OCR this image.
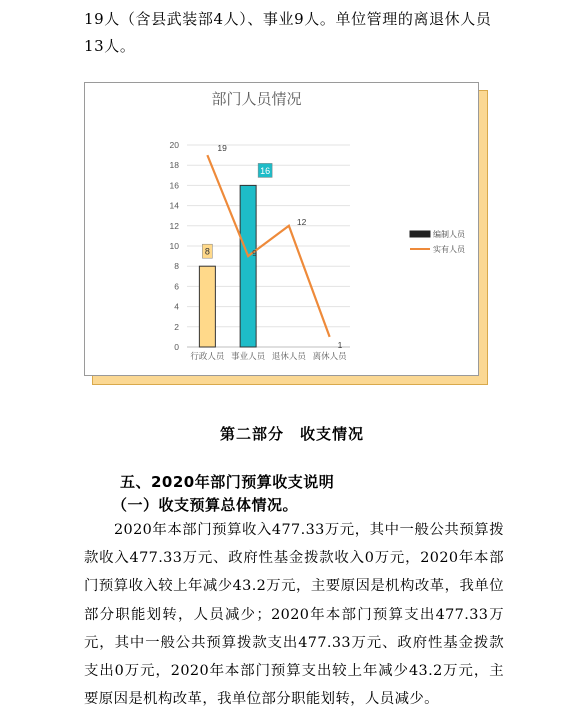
19人（含县武装部4人）、事业9人。单位管理的离退休人员13人。

部门人员情况
0
2
4
6
8
10
12
14
16
18
20
行政人员 事业人员 退休人员 离休人员
8
16
19
9
12
1
编制人员
实有人员
第二部分　收支情况
五、2020年部门预算收支说明
（一）收支预算总体情况。

2020年本部门预算收入477.33万元，其中一般公共预算拨款收入477.33万元、政府性基金拨款收入0万元，2020年本部门预算收入较上年减少43.2万元，主要原因是机构改革，我单位部分职能划转，人员减少；2020年本部门预算支出477.33万元，其中一般公共预算拨款支出477.33万元、政府性基金拨款支出0万元，2020年本部门预算支出较上年减少43.2万元，主要原因是机构改革，我单位部分职能划转，人员减少。
